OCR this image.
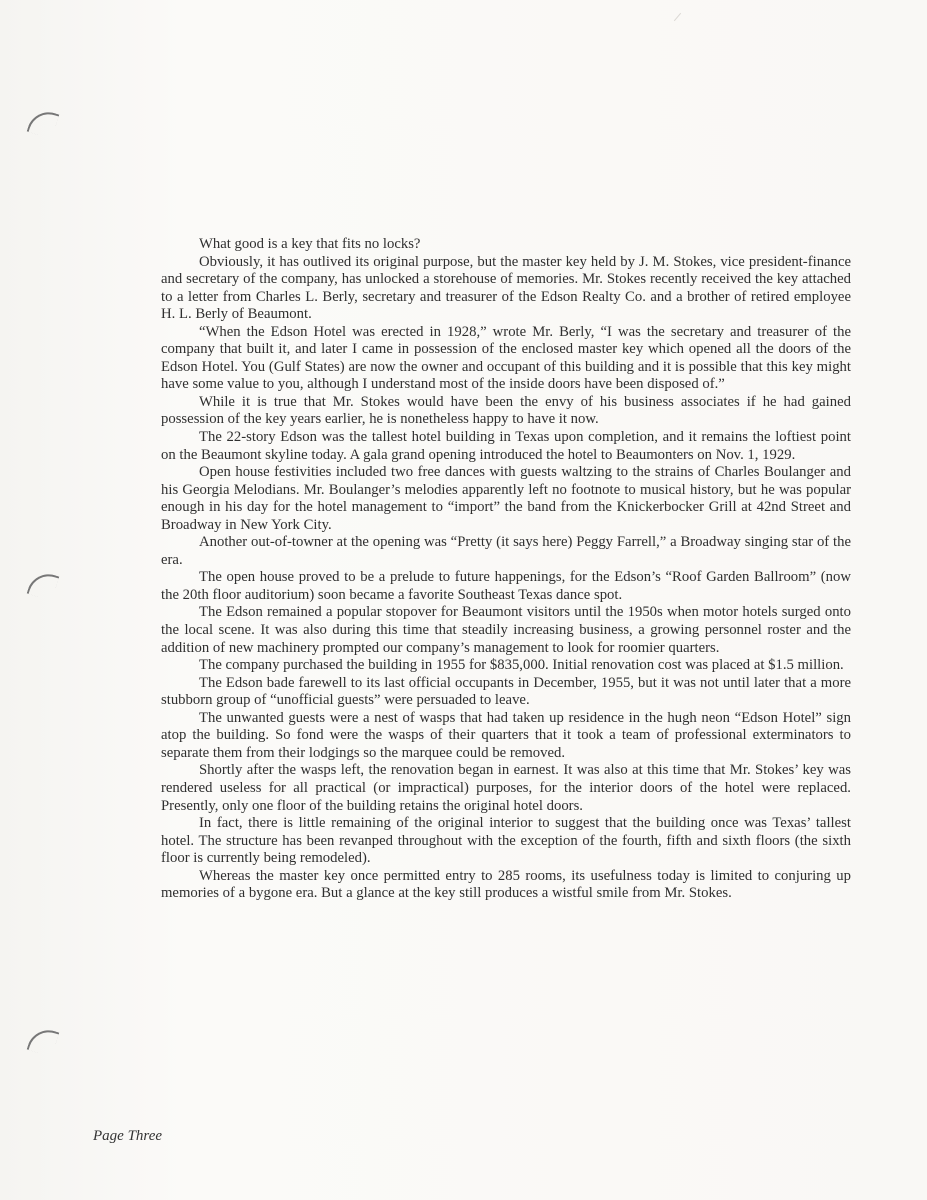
What good is a key that fits no locks?

Obviously, it has outlived its original purpose, but the master key held by J. M. Stokes, vice president-finance and secretary of the company, has unlocked a storehouse of memories. Mr. Stokes recently received the key attached to a letter from Charles L. Berly, secretary and treasurer of the Edson Realty Co. and a brother of retired employee H. L. Berly of Beaumont.

“When the Edson Hotel was erected in 1928,” wrote Mr. Berly, “I was the secretary and treasurer of the company that built it, and later I came in possession of the enclosed master key which opened all the doors of the Edson Hotel. You (Gulf States) are now the owner and occupant of this building and it is possible that this key might have some value to you, although I understand most of the inside doors have been disposed of.”

While it is true that Mr. Stokes would have been the envy of his business associates if he had gained possession of the key years earlier, he is nonetheless happy to have it now.

The 22-story Edson was the tallest hotel building in Texas upon completion, and it remains the loftiest point on the Beaumont skyline today. A gala grand opening introduced the hotel to Beaumonters on Nov. 1, 1929.

Open house festivities included two free dances with guests waltzing to the strains of Charles Boulanger and his Georgia Melodians. Mr. Boulanger’s melodies apparently left no footnote to musical history, but he was popular enough in his day for the hotel management to “import” the band from the Knickerbocker Grill at 42nd Street and Broadway in New York City.

Another out-of-towner at the opening was “Pretty (it says here) Peggy Farrell,” a Broadway singing star of the era.

The open house proved to be a prelude to future happenings, for the Edson’s “Roof Garden Ballroom” (now the 20th floor auditorium) soon became a favorite Southeast Texas dance spot.

The Edson remained a popular stopover for Beaumont visitors until the 1950s when motor hotels surged onto the local scene. It was also during this time that steadily increasing business, a growing personnel roster and the addition of new machinery prompted our company’s management to look for roomier quarters.

The company purchased the building in 1955 for $835,000. Initial renovation cost was placed at $1.5 million.

The Edson bade farewell to its last official occupants in December, 1955, but it was not until later that a more stubborn group of “unofficial guests” were persuaded to leave.

The unwanted guests were a nest of wasps that had taken up residence in the hugh neon “Edson Hotel” sign atop the building. So fond were the wasps of their quarters that it took a team of professional exterminators to separate them from their lodgings so the marquee could be removed.

Shortly after the wasps left, the renovation began in earnest. It was also at this time that Mr. Stokes’ key was rendered useless for all practical (or impractical) purposes, for the interior doors of the hotel were replaced. Presently, only one floor of the building retains the original hotel doors.

In fact, there is little remaining of the original interior to suggest that the building once was Texas’ tallest hotel. The structure has been revanped throughout with the exception of the fourth, fifth and sixth floors (the sixth floor is currently being remodeled).

Whereas the master key once permitted entry to 285 rooms, its usefulness today is limited to conjuring up memories of a bygone era. But a glance at the key still produces a wistful smile from Mr. Stokes.

Page Three
